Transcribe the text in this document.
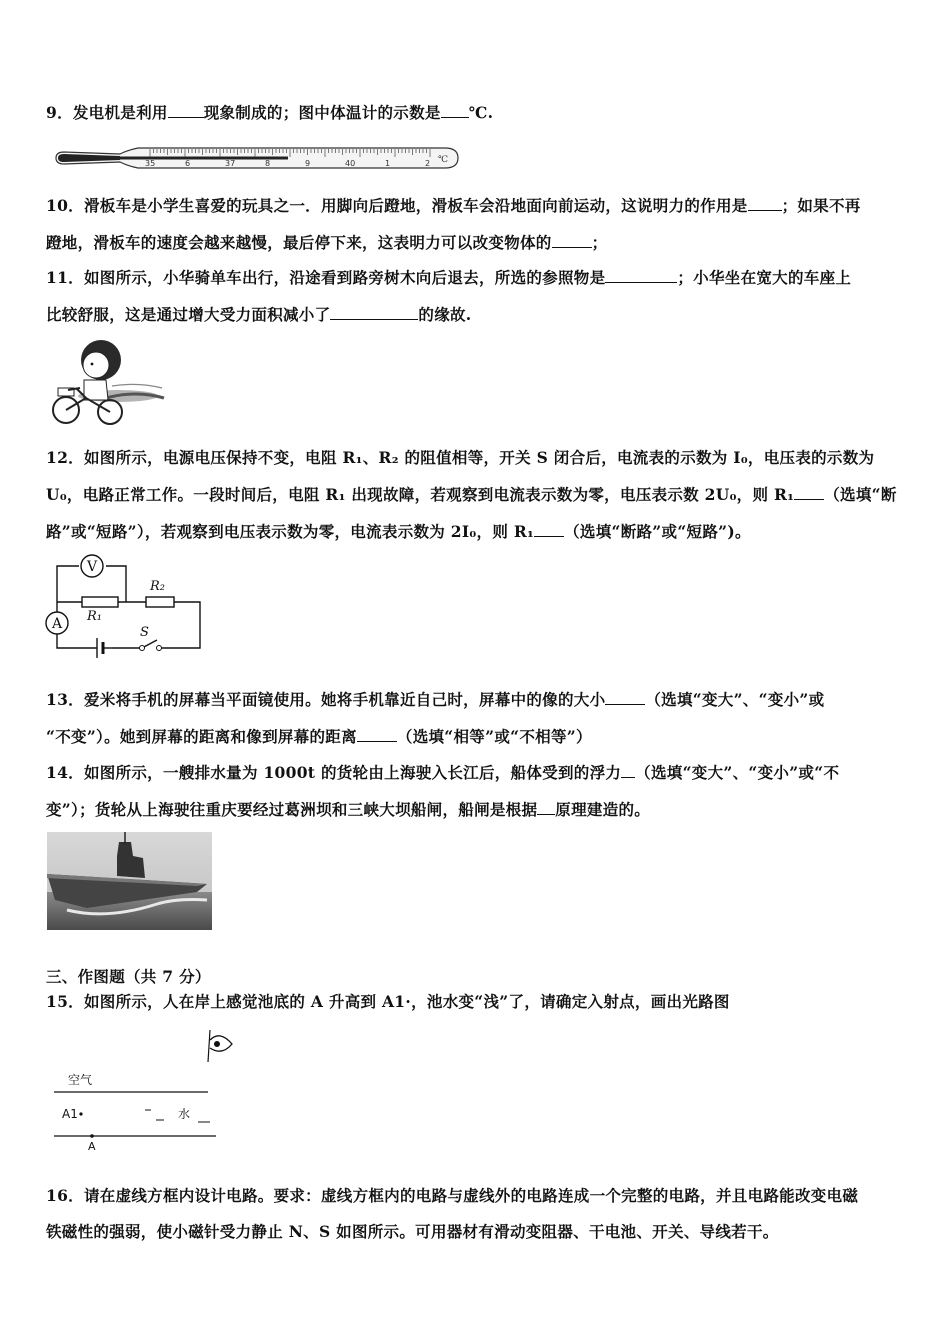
9．发电机是利用 现象制成的；图中体温计的示数是 ℃.
35	6	37	8	9	40	1	2 ℃
10．滑板车是小学生喜爱的玩具之一．用脚向后蹬地，滑板车会沿地面向前运动，这说明力的作用是 ；如果不再
蹬地，滑板车的速度会越来越慢，最后停下来，这表明力可以改变物体的	；
11．如图所示，小华骑单车出行，沿途看到路旁树木向后退去，所选的参照物是	；小华坐在宽大的车座上
比较舒服，这是通过增大受力面积减小了	的缘故.
12．如图所示，电源电压保持不变，电阻 R₁、R₂ 的阻值相等，开关 S 闭合后，电流表的示数为 I₀，电压表的示数为
U₀，电路正常工作。一段时间后，电阻 R₁ 出现故障，若观察到电流表示数为零，电压表示数 2U₀，则 R₁ （选填“断
路”或“短路”），若观察到电压表示数为零，电流表示数为 2I₀，则 R₁ （选填“断路”或“短路”)。
V
A R₁
R₂
S
13．爱米将手机的屏幕当平面镜使用。她将手机靠近自己时，屏幕中的像的大小	（选填“变大”、“变小”或
“不变”）。她到屏幕的距离和像到屏幕的距离	（选填“相等”或“不相等”）
14．如图所示，一艘排水量为 1000t 的货轮由上海驶入长江后，船体受到的浮力 （选填“变大”、“变小”或“不
变”）；货轮从上海驶往重庆要经过葛洲坝和三峡大坝船闸，船闸是根据 原理建造的。
三、作图题（共 7 分）
15．如图所示，人在岸上感觉池底的 A 升高到 A1·，池水变“浅”了，请确定入射点，画出光路图
空气
A1	水
A
16．请在虚线方框内设计电路。要求：虚线方框内的电路与虚线外的电路连成一个完整的电路，并且电路能改变电磁
铁磁性的强弱，使小磁针受力静止 N、S 如图所示。可用器材有滑动变阻器、干电池、开关、导线若干。
